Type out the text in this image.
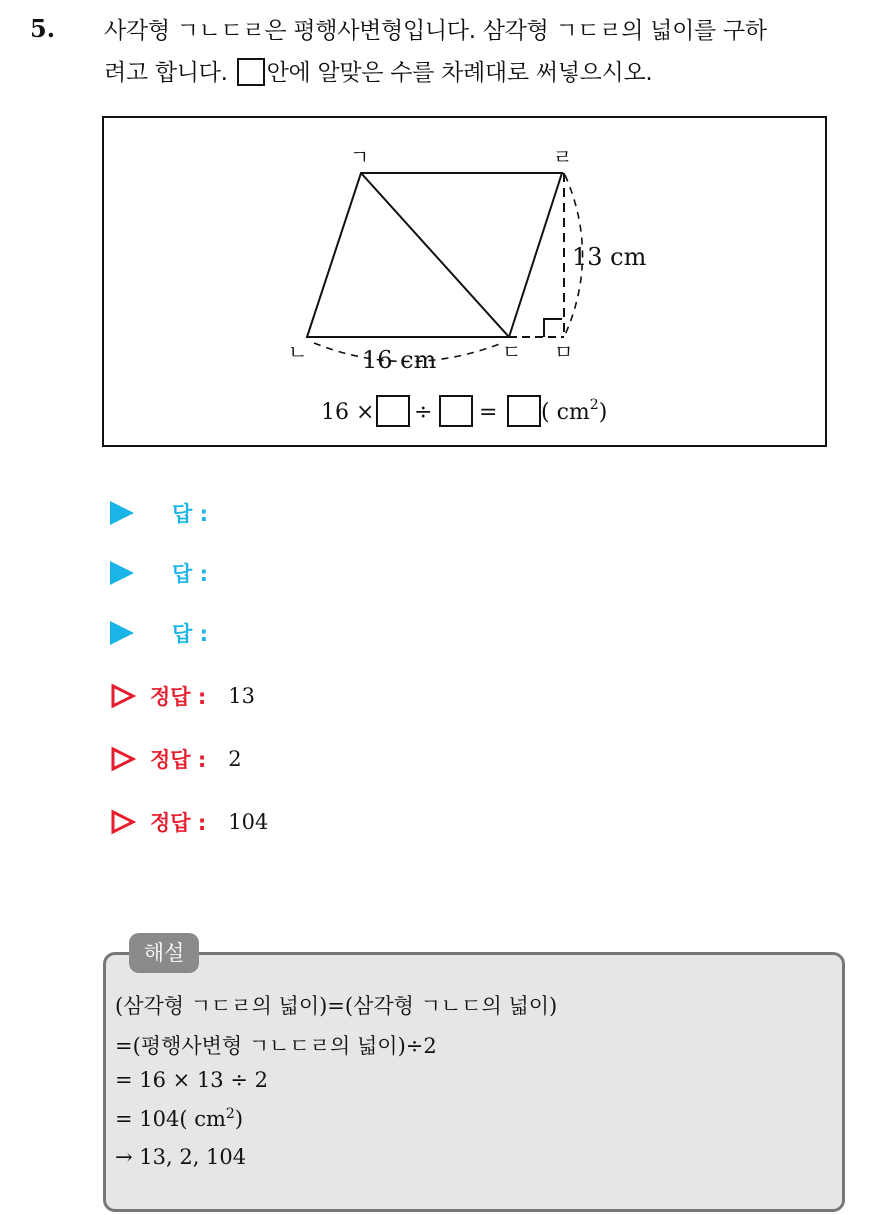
5. 사각형 ㄱㄴㄷㄹ은 평행사변형입니다. 삼각형 ㄱㄷㄹ의 넓이를 구하
려고 합니다. 안에 알맞은 수를 차례대로 써넣으시오.
ㄱ	ㄹ
ㄴ	ㄷ ㅁ
13 cm
16 cm
16 × ÷ = ( $cm^2$)
답 :
답 :
답 :
정답 : 13
정답 : 2
정답 : 104
해설
(삼각형 ㄱㄷㄹ의 넓이)=(삼각형 ㄱㄴㄷ의 넓이)
=(평행사변형 ㄱㄴㄷㄹ의 넓이)÷2
= 16 × 13 ÷ 2
= 104( $cm^2$)
→ 13, 2, 104
